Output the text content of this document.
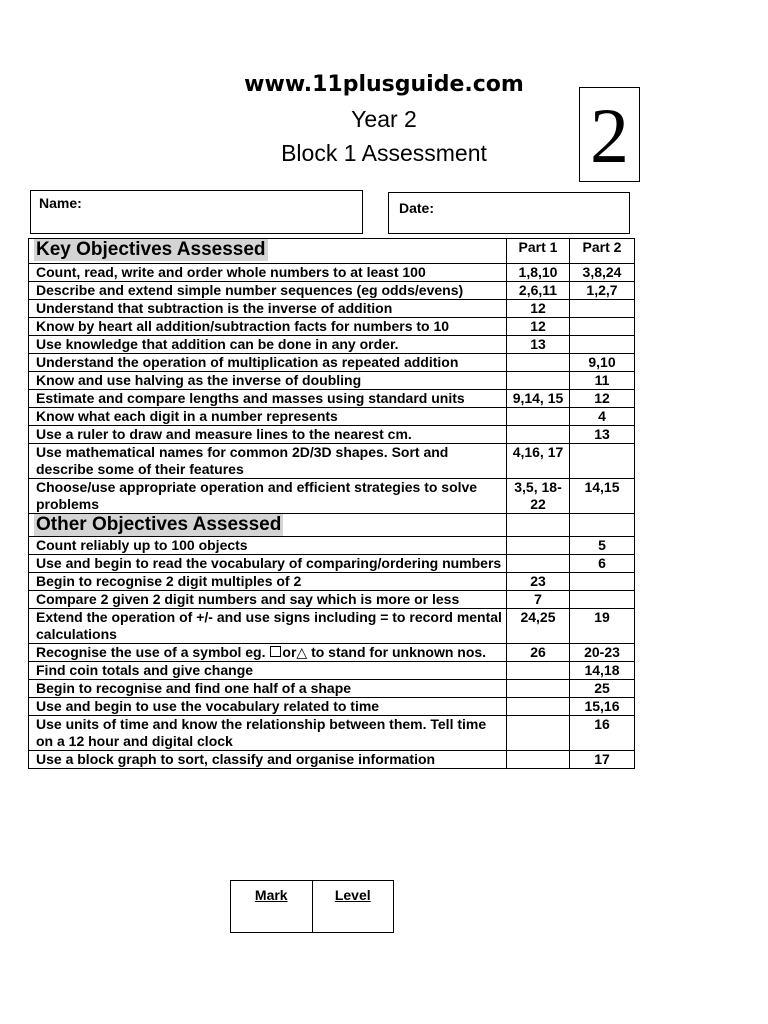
www.11plusguide.com
Year 2
Block 1 Assessment	2
Name:	Date:
Key Objectives Assessed	Part 1	Part 2
Count, read, write and order whole numbers to at least 100	1,8,10	3,8,24
Describe and extend simple number sequences (eg odds/evens)	2,6,11	1,2,7
Understand that subtraction is the inverse of addition	12	
Know by heart all addition/subtraction facts for numbers to 10	12	
Use knowledge that addition can be done in any order.	13	
Understand the operation of multiplication as repeated addition		9,10
Know and use halving as the inverse of doubling		11
Estimate and compare lengths and masses using standard units	9,14, 15	12
Know what each digit in a number represents		4
Use a ruler to draw and measure lines to the nearest cm.		13
Use mathematical names for common 2D/3D shapes. Sort and describe some of their features	4,16, 17	
Choose/use appropriate operation and efficient strategies to solve problems	3,5, 18-22	14,15
Other Objectives Assessed		
Count reliably up to 100 objects		5
Use and begin to read the vocabulary of comparing/ordering numbers		6
Begin to recognise 2 digit multiples of 2	23	
Compare 2 given 2 digit numbers and say which is more or less	7	
Extend the operation of +/- and use signs including = to record mental calculations	24,25	19
Recognise the use of a symbol eg. or△ to stand for unknown nos.	26	20-23
Find coin totals and give change		14,18
Begin to recognise and find one half of a shape		25
Use and begin to use the vocabulary related to time		15,16
Use units of time and know the relationship between them. Tell time on a 12 hour and digital clock		16
Use a block graph to sort, classify and organise information		17
Mark	Level
